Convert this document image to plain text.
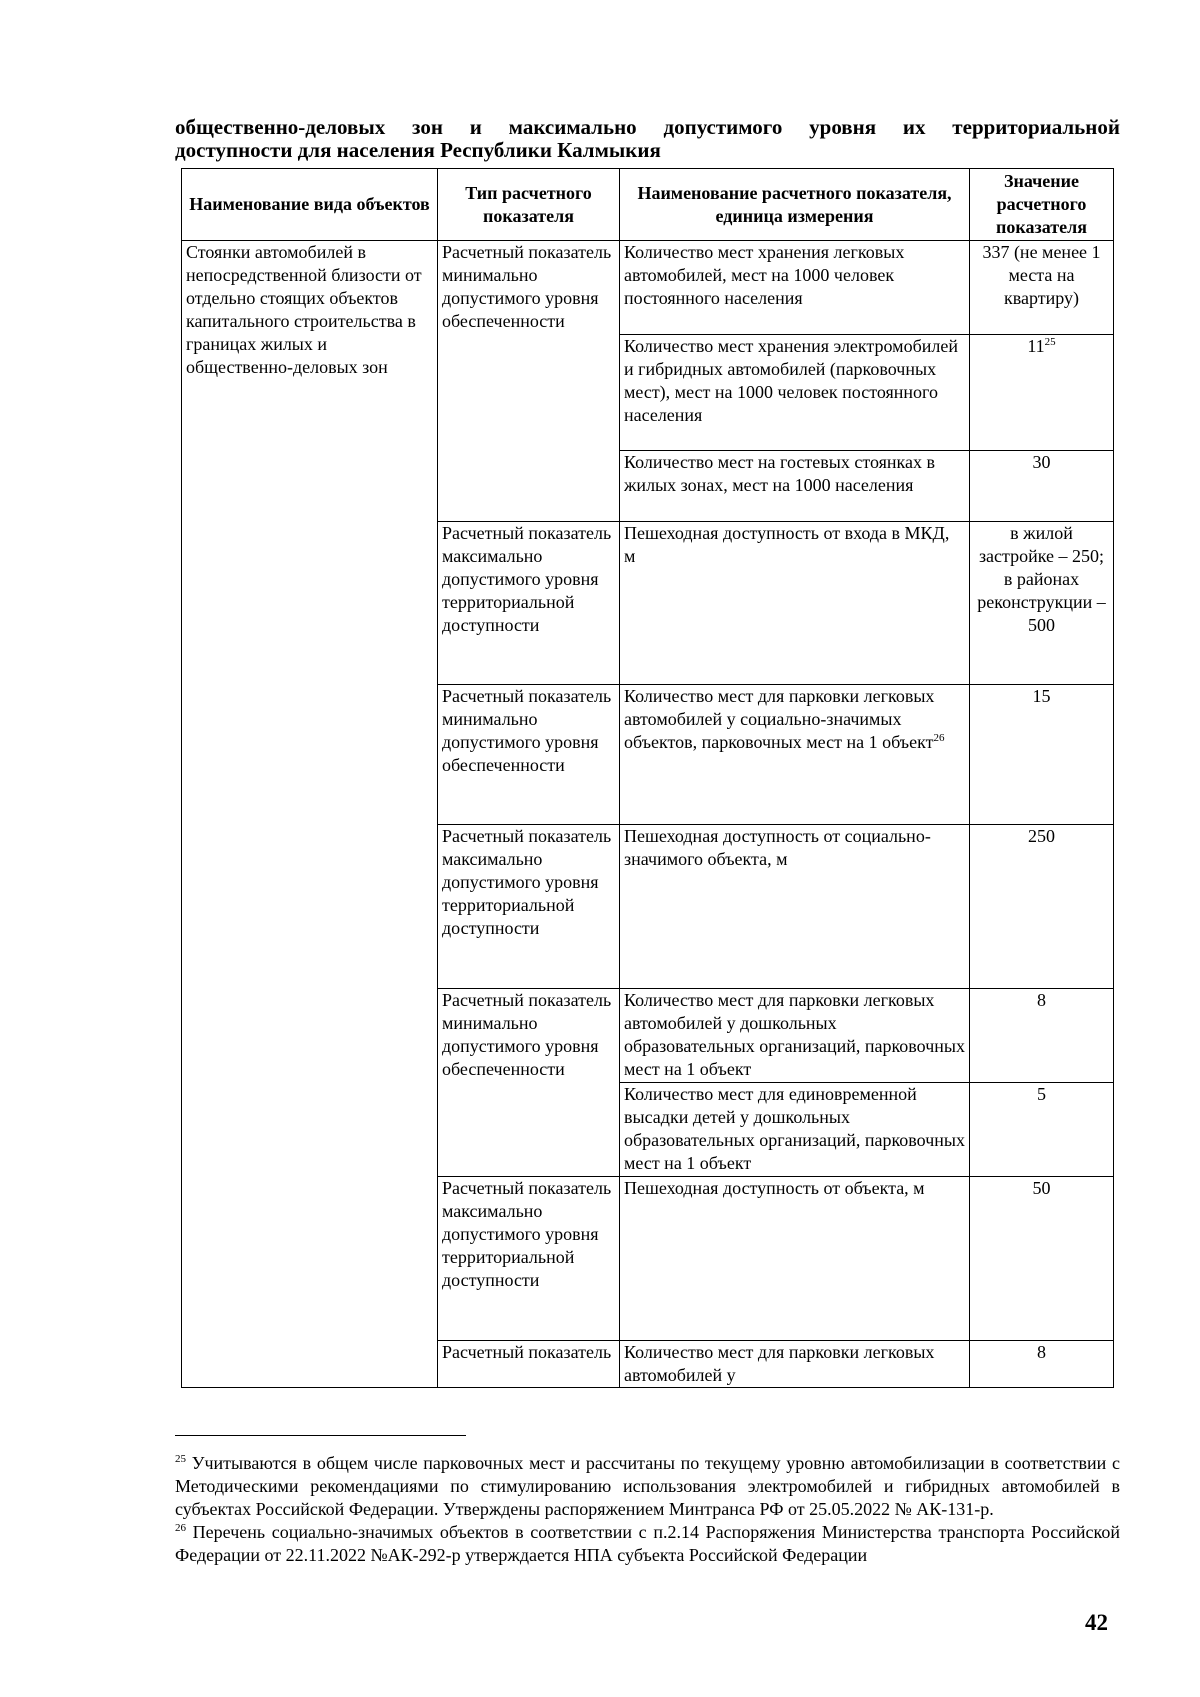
общественно-деловых зон и максимально допустимого уровня их территориальной
доступности для населения Республики Калмыкия
Наименование вида объектов	Тип расчетного показателя	Наименование расчетного показателя, единица измерения	Значение расчетного показателя
Стоянки автомобилей в непосредственной близости от отдельно стоящих объектов капитального строительства в границах жилых и общественно-деловых зон	Расчетный показатель минимально допустимого уровня обеспеченности	Количество мест хранения легковых автомобилей, мест на 1000 человек постоянного населения	337 (не менее 1 места на квартиру)
		Количество мест хранения электромобилей и гибридных автомобилей (парковочных мест), мест на 1000 человек постоянного населения	$11^{25}$
		Количество мест на гостевых стоянках в жилых зонах, мест на 1000 населения	30
	Расчетный показатель максимально допустимого уровня территориальной доступности	Пешеходная доступность от входа в МКД, м	в жилой застройке – 250; в районах реконструкции – 500
	Расчетный показатель минимально допустимого уровня обеспеченности	Количество мест для парковки легковых автомобилей у социально-значимых объектов, парковочных мест на 1 объект$^{26}$	15
	Расчетный показатель максимально допустимого уровня территориальной доступности	Пешеходная доступность от социально-значимого объекта, м	250
	Расчетный показатель минимально допустимого уровня обеспеченности	Количество мест для парковки легковых автомобилей у дошкольных образовательных организаций, парковочных мест на 1 объект	8
		Количество мест для единовременной высадки детей у дошкольных образовательных организаций, парковочных мест на 1 объект	5
	Расчетный показатель максимально допустимого уровня территориальной доступности	Пешеходная доступность от объекта, м	50
	Расчетный показатель	Количество мест для парковки легковых автомобилей у	8

$^{25}$ Учитываются в общем числе парковочных мест и рассчитаны по текущему уровню автомобилизации в соответствии с Методическими рекомендациями по стимулированию использования электромобилей и гибридных автомобилей в субъектах Российской Федерации. Утверждены распоряжением Минтранса РФ от 25.05.2022 № АК-131-р.

$^{26}$ Перечень социально-значимых объектов в соответствии с п.2.14 Распоряжения Министерства транспорта Российской Федерации от 22.11.2022 №АК-292-р утверждается НПА субъекта Российской Федерации

42
